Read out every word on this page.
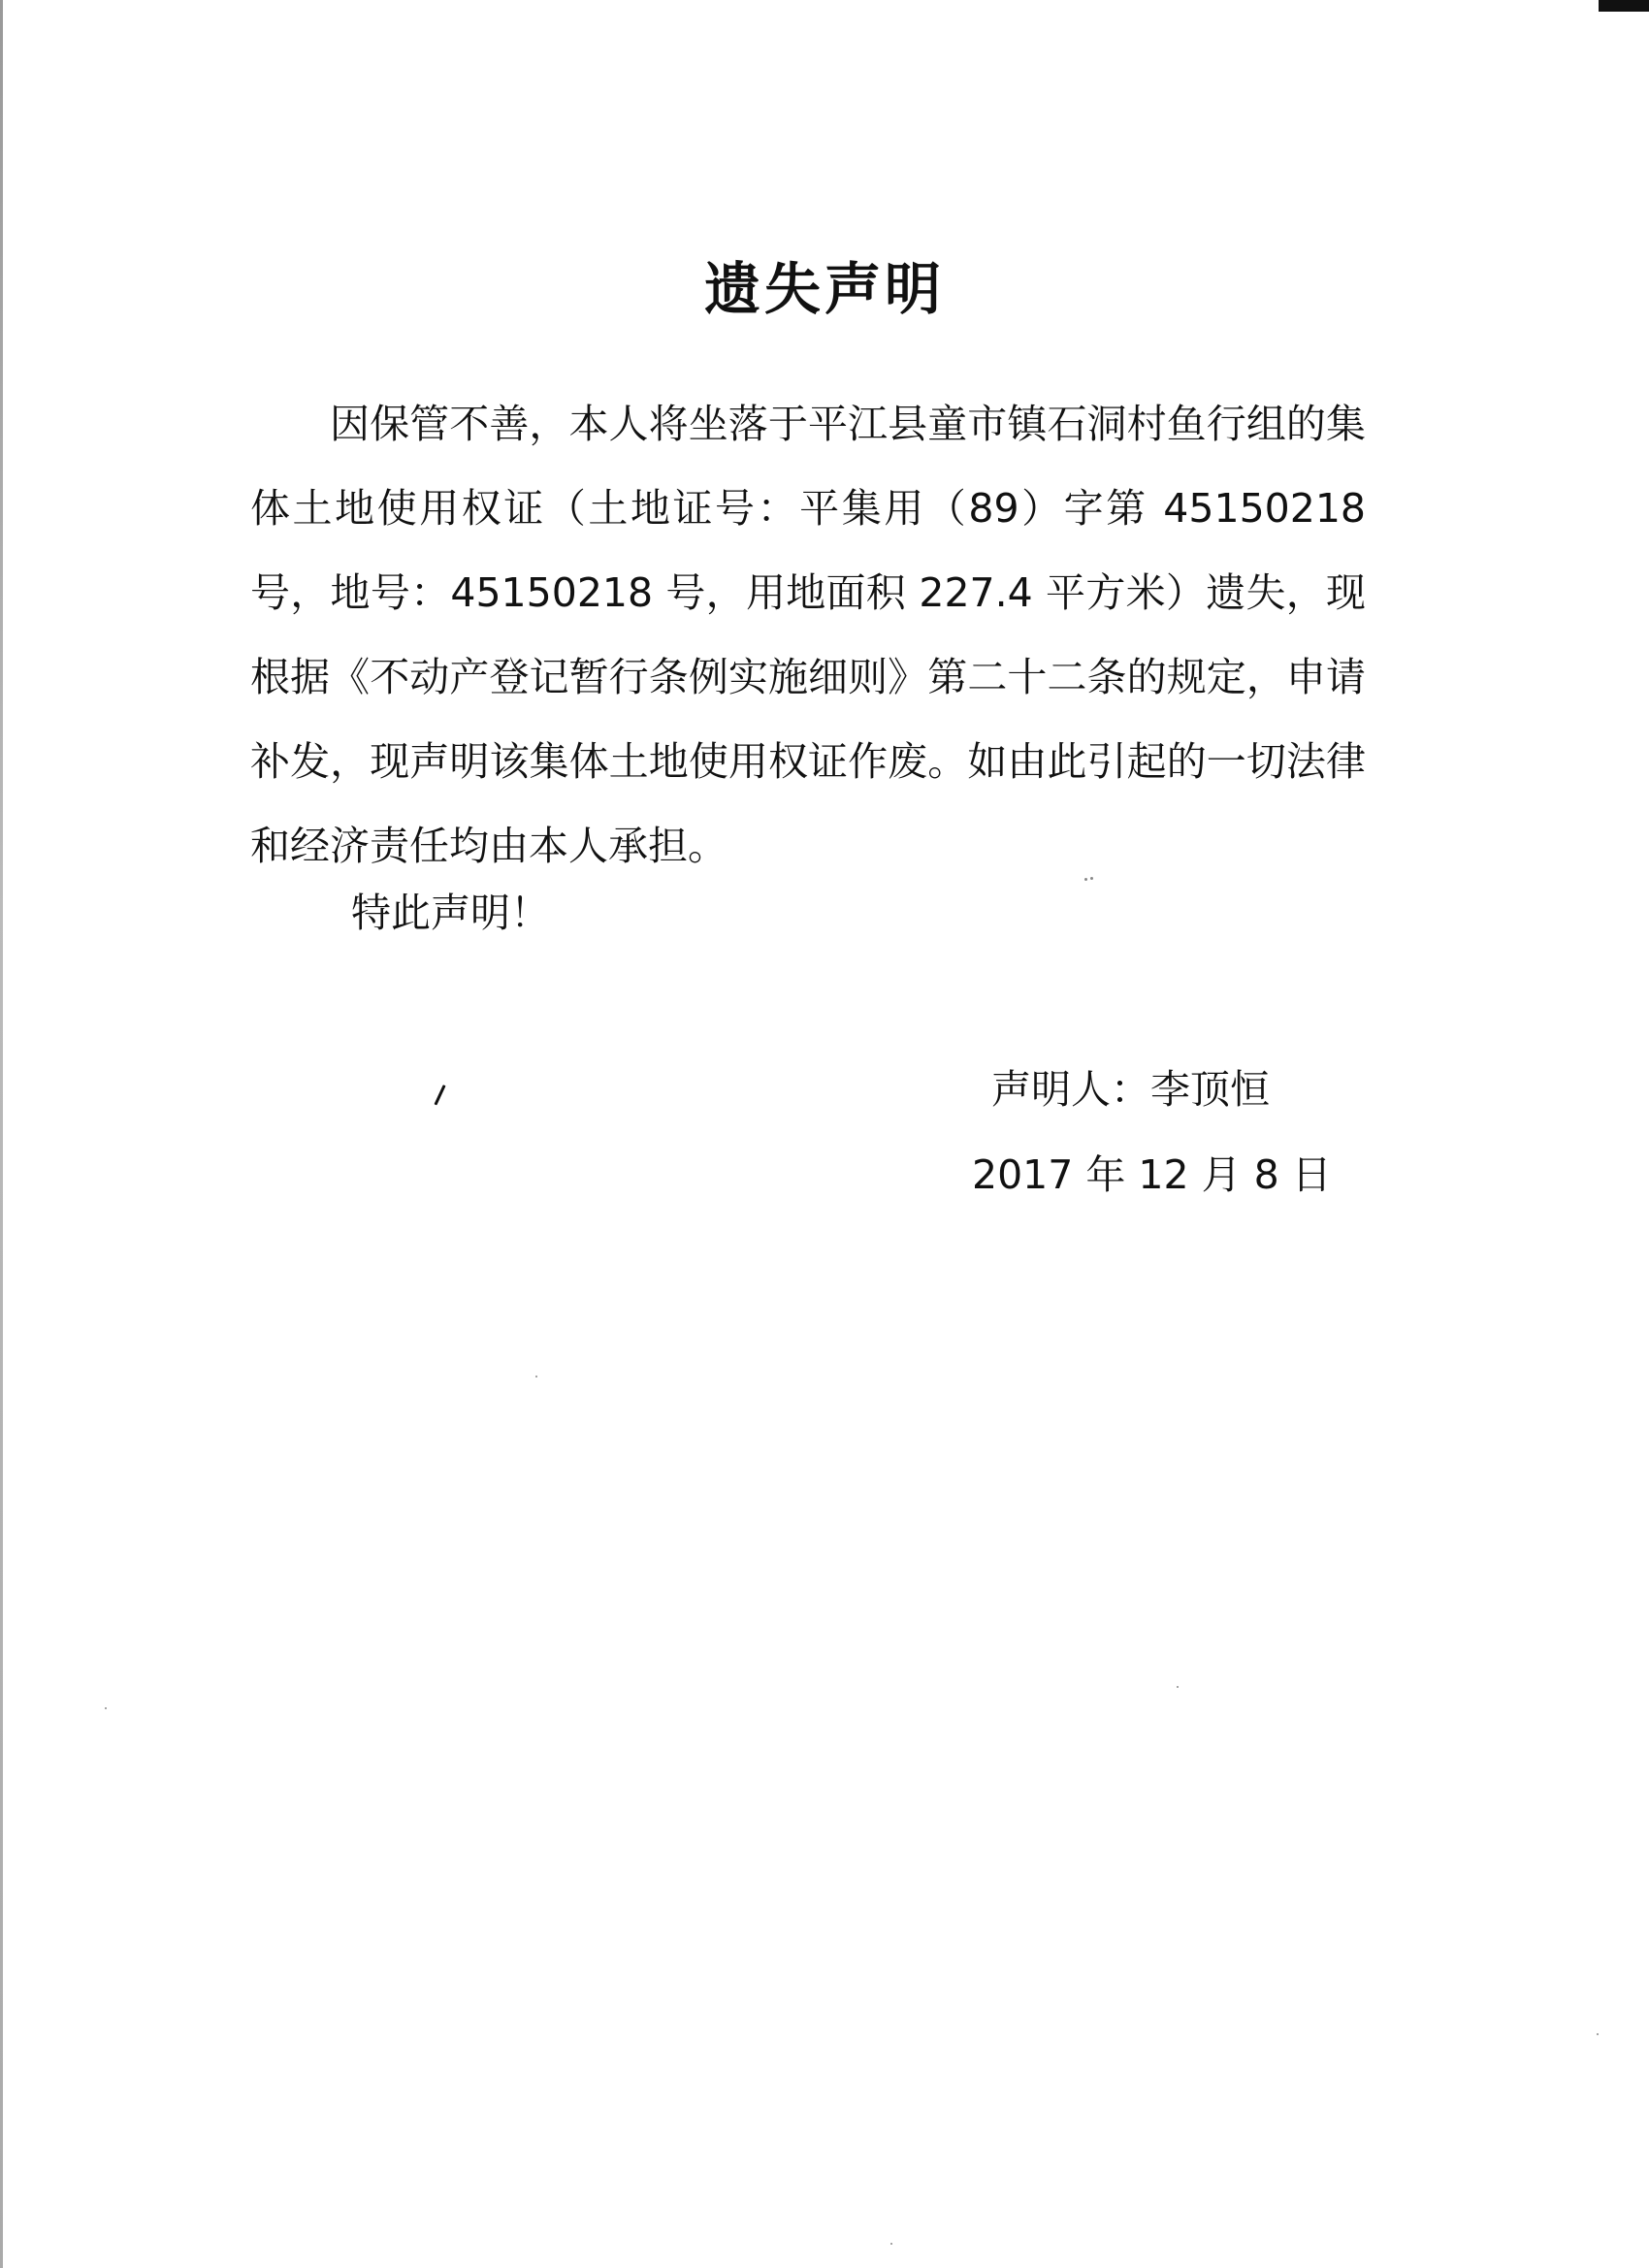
遗失声明

因保管不善，本人将坐落于平江县童市镇石洞村鱼行组的集体土地使用权证（土地证号：平集用（89）字第 45150218 号，地号：45150218 号，用地面积 227.4 平方米）遗失，现根据《不动产登记暂行条例实施细则》第二十二条的规定，申请补发，现声明该集体土地使用权证作废。如由此引起的一切法律和经济责任均由本人承担。

特此声明！

声明人：李顶恒

2017 年 12 月 8 日
